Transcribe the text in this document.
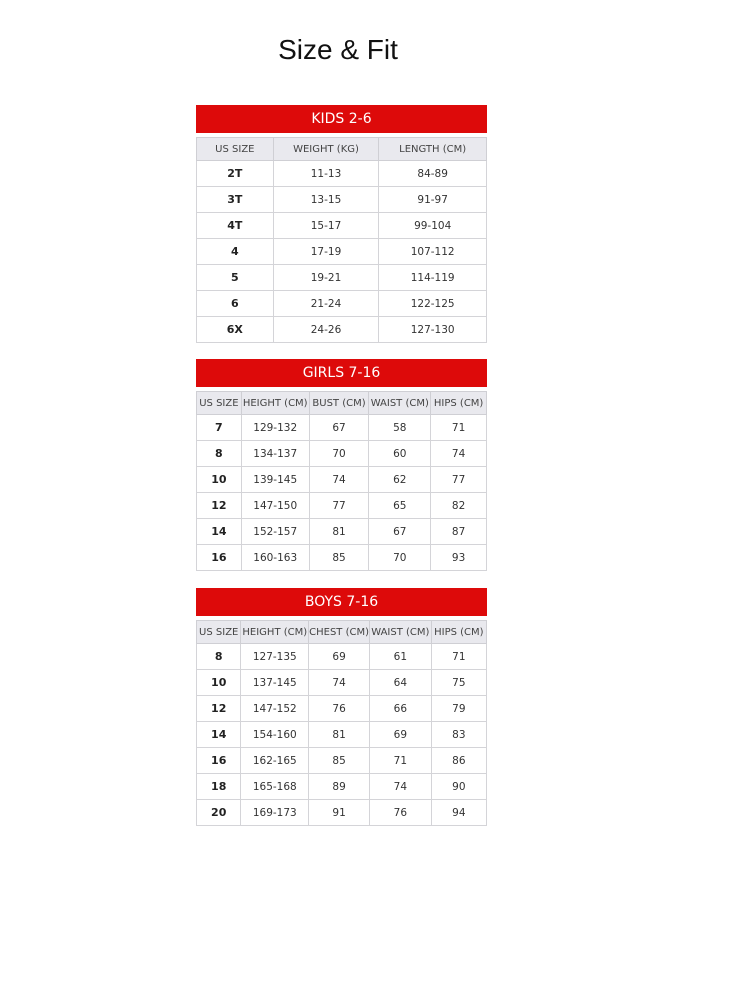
Size & Fit
KIDS 2-6
US SIZE	WEIGHT (KG)	LENGTH (CM)
2T	11-13	84-89
3T	13-15	91-97
4T	15-17	99-104
4	17-19	107-112
5	19-21	114-119
6	21-24	122-125
6X	24-26	127-130
GIRLS 7-16
US SIZE	HEIGHT (CM)	BUST (CM)	WAIST (CM)	HIPS (CM)
7	129-132	67	58	71
8	134-137	70	60	74
10	139-145	74	62	77
12	147-150	77	65	82
14	152-157	81	67	87
16	160-163	85	70	93
BOYS 7-16
US SIZE	HEIGHT (CM)	CHEST (CM)	WAIST (CM)	HIPS (CM)
8	127-135	69	61	71
10	137-145	74	64	75
12	147-152	76	66	79
14	154-160	81	69	83
16	162-165	85	71	86
18	165-168	89	74	90
20	169-173	91	76	94
